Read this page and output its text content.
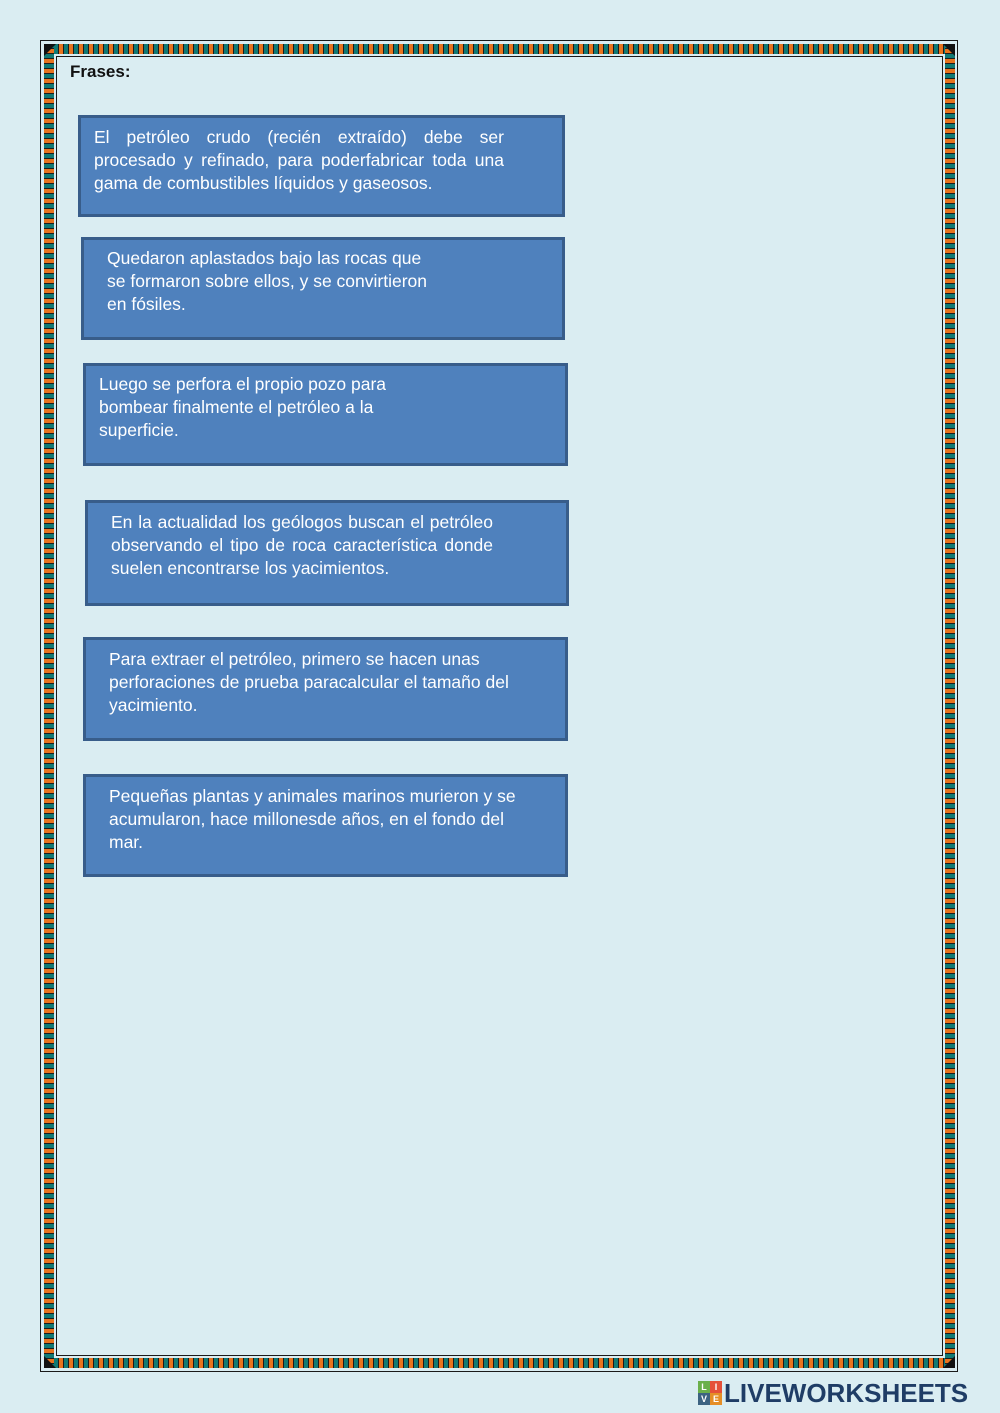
Frases:
El petróleo crudo (recién extraído) debe ser procesado y refinado, para poderfabricar toda una gama de combustibles líquidos y gaseosos.
Quedaron aplastados bajo las rocas que se formaron sobre ellos, y se convirtieron en fósiles.
Luego se perfora el propio pozo para bombear finalmente el petróleo a la superficie.
En la actualidad los geólogos buscan el petróleo observando el tipo de roca característica donde suelen encontrarse los yacimientos.
Para extraer el petróleo, primero se hacen unas perforaciones de prueba paracalcular el tamaño del yacimiento.
Pequeñas plantas y animales marinos murieron y se acumularon, hace millonesde años, en el fondo del mar.
L I
V E LIVEWORKSHEETS
